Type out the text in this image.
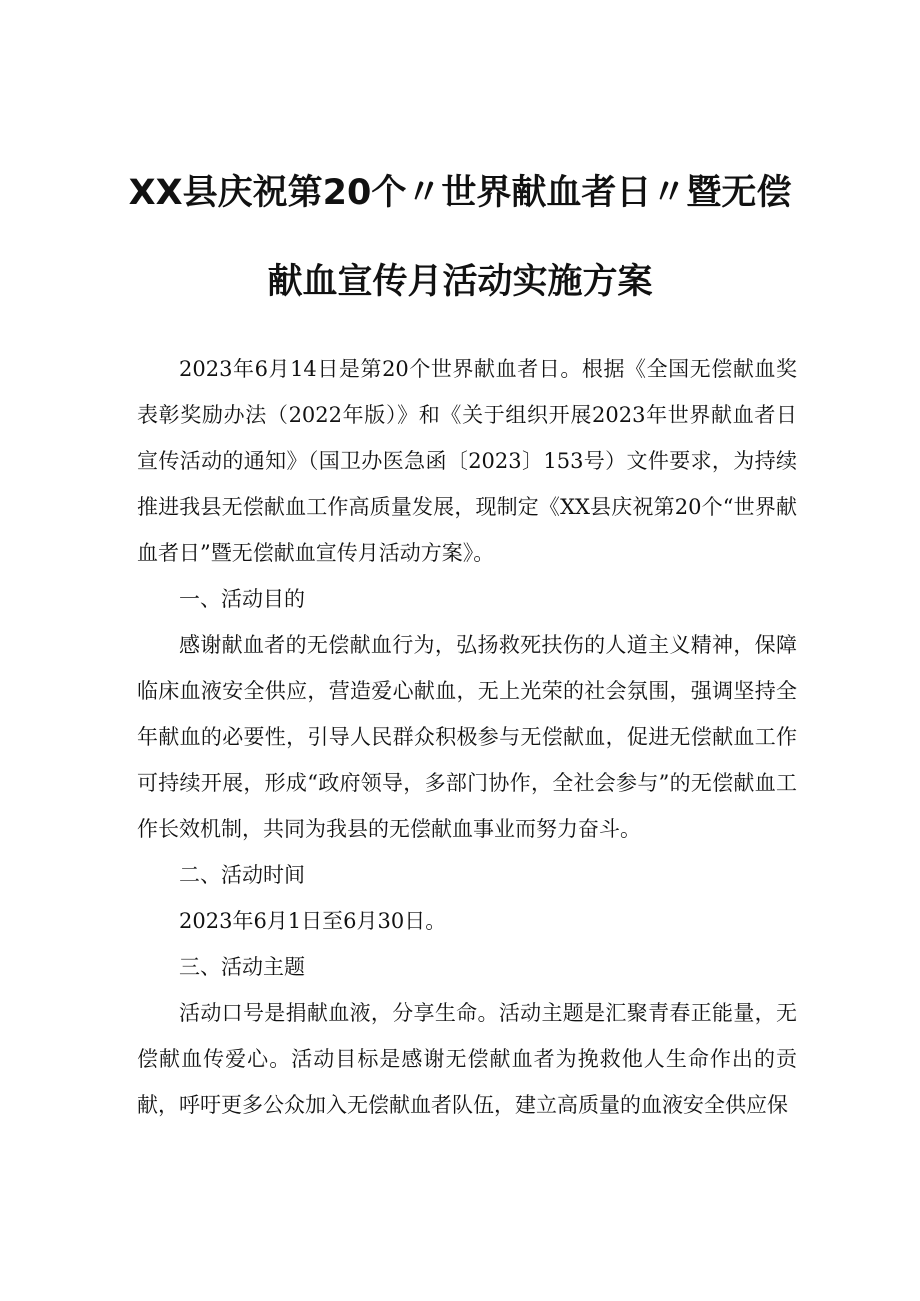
XX县庆祝第20个〃世界献血者日〃暨无偿
献血宣传月活动实施方案

2023年6月14日是第20个世界献血者日。根据《全国无偿献血奖表彰奖励办法（2022年版）》和《关于组织开展2023年世界献血者日宣传活动的通知》（国卫办医急函〔2023〕153号）文件要求，为持续推进我县无偿献血工作高质量发展，现制定《XX县庆祝第20个“世界献血者日”暨无偿献血宣传月活动方案》。

一、活动目的

感谢献血者的无偿献血行为，弘扬救死扶伤的人道主义精神，保障临床血液安全供应，营造爱心献血，无上光荣的社会氛围，强调坚持全年献血的必要性，引导人民群众积极参与无偿献血，促进无偿献血工作可持续开展，形成“政府领导，多部门协作，全社会参与”的无偿献血工作长效机制，共同为我县的无偿献血事业而努力奋斗。

二、活动时间

2023年6月1日至6月30日。

三、活动主题

活动口号是捐献血液，分享生命。活动主题是汇聚青春正能量，无偿献血传爱心。活动目标是感谢无偿献血者为挽救他人生命作出的贡献，呼吁更多公众加入无偿献血者队伍，建立高质量的血液安全供应保
